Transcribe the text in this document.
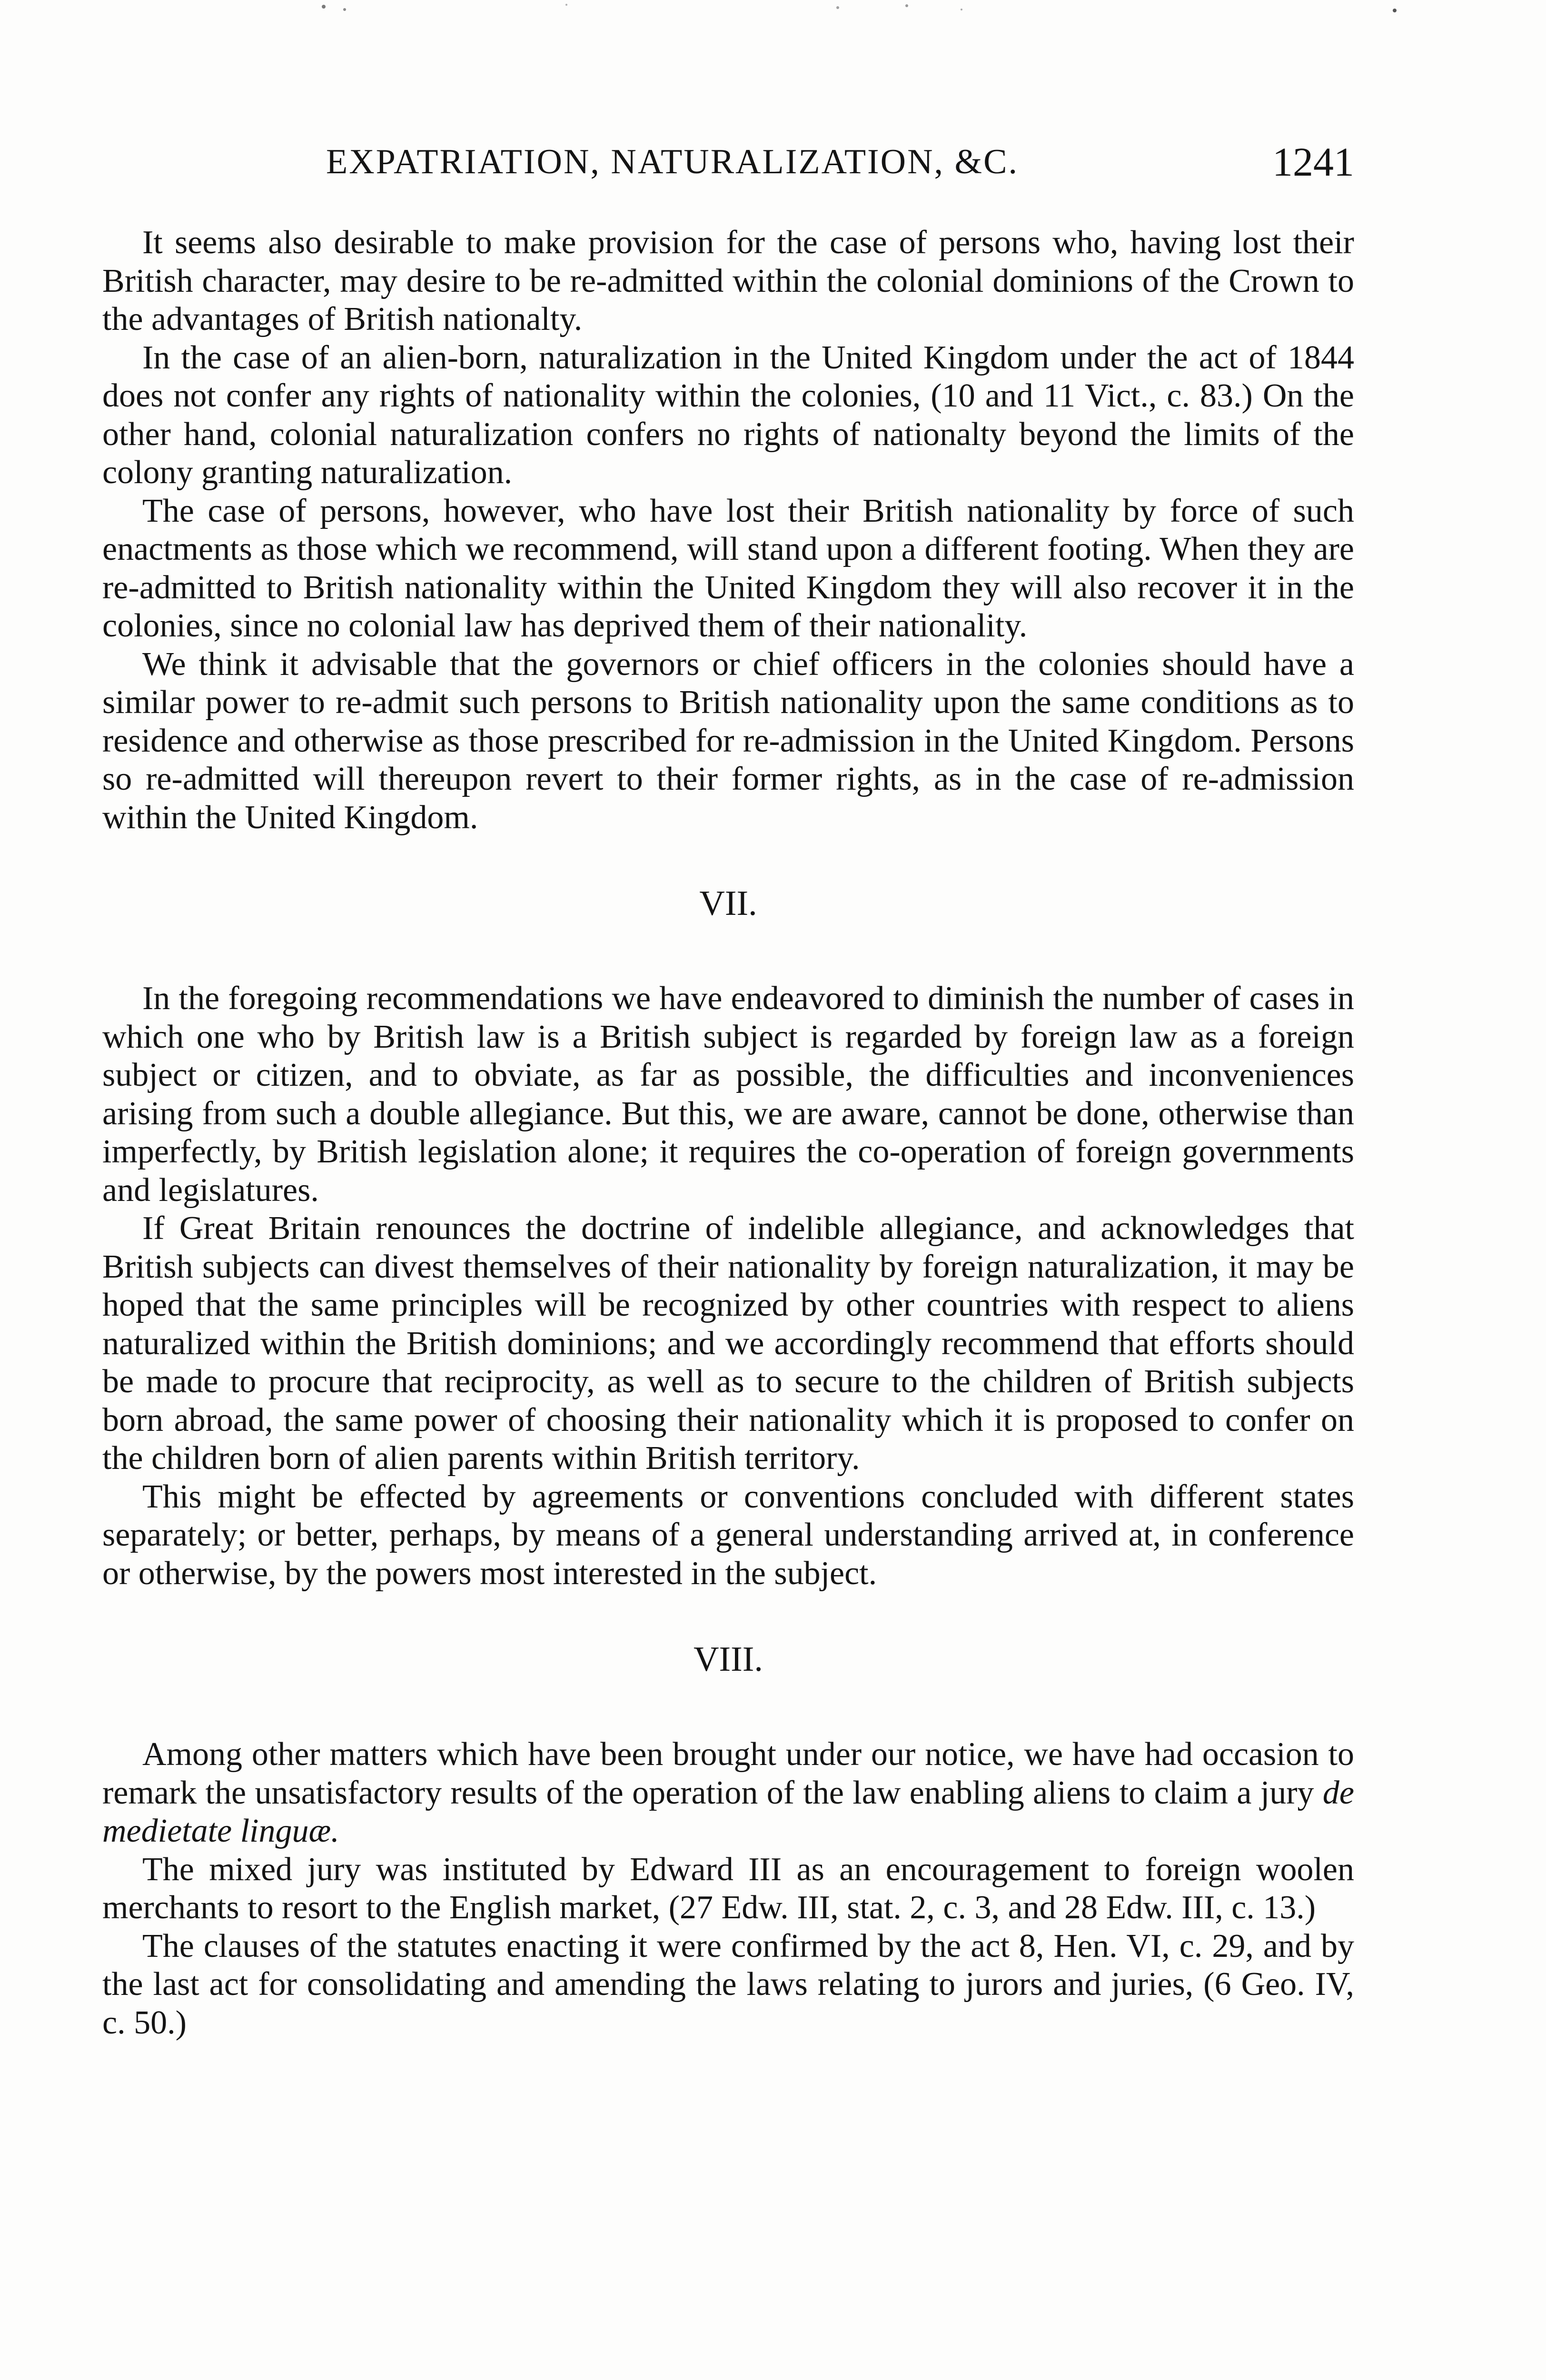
EXPATRIATION, NATURALIZATION, &C.	1241

It seems also desirable to make provision for the case of persons who, having lost their British character, may desire to be re-admitted within the colonial dominions of the Crown to the advantages of British nationalty.

In the case of an alien-born, naturalization in the United Kingdom under the act of 1844 does not confer any rights of nationality within the colonies, (10 and 11 Vict., c. 83.) On the other hand, colonial naturalization confers no rights of nationalty beyond the limits of the colony granting naturalization.

The case of persons, however, who have lost their British nationality by force of such enactments as those which we recommend, will stand upon a different footing. When they are re-admitted to British nationality within the United Kingdom they will also recover it in the colonies, since no colonial law has deprived them of their nationality.

We think it advisable that the governors or chief officers in the colonies should have a similar power to re-admit such persons to British nationality upon the same conditions as to residence and otherwise as those prescribed for re-admission in the United Kingdom. Persons so re-admitted will thereupon revert to their former rights, as in the case of re-admission within the United Kingdom.

VII.

In the foregoing recommendations we have endeavored to diminish the number of cases in which one who by British law is a British subject is regarded by foreign law as a foreign subject or citizen, and to obviate, as far as possible, the difficulties and inconveniences arising from such a double allegiance. But this, we are aware, cannot be done, otherwise than imperfectly, by British legislation alone; it requires the co-operation of foreign governments and legislatures.

If Great Britain renounces the doctrine of indelible allegiance, and acknowledges that British subjects can divest themselves of their nationality by foreign naturalization, it may be hoped that the same principles will be recognized by other countries with respect to aliens naturalized within the British dominions; and we accordingly recommend that efforts should be made to procure that reciprocity, as well as to secure to the children of British subjects born abroad, the same power of choosing their nationality which it is proposed to confer on the children born of alien parents within British territory.

This might be effected by agreements or conventions concluded with different states separately; or better, perhaps, by means of a general understanding arrived at, in conference or otherwise, by the powers most interested in the subject.

VIII.

Among other matters which have been brought under our notice, we have had occasion to remark the unsatisfactory results of the operation of the law enabling aliens to claim a jury de medietate linguæ.

The mixed jury was instituted by Edward III as an encouragement to foreign woolen merchants to resort to the English market, (27 Edw. III, stat. 2, c. 3, and 28 Edw. III, c. 13.)

The clauses of the statutes enacting it were confirmed by the act 8, Hen. VI, c. 29, and by the last act for consolidating and amending the laws relating to jurors and juries, (6 Geo. IV, c. 50.)
